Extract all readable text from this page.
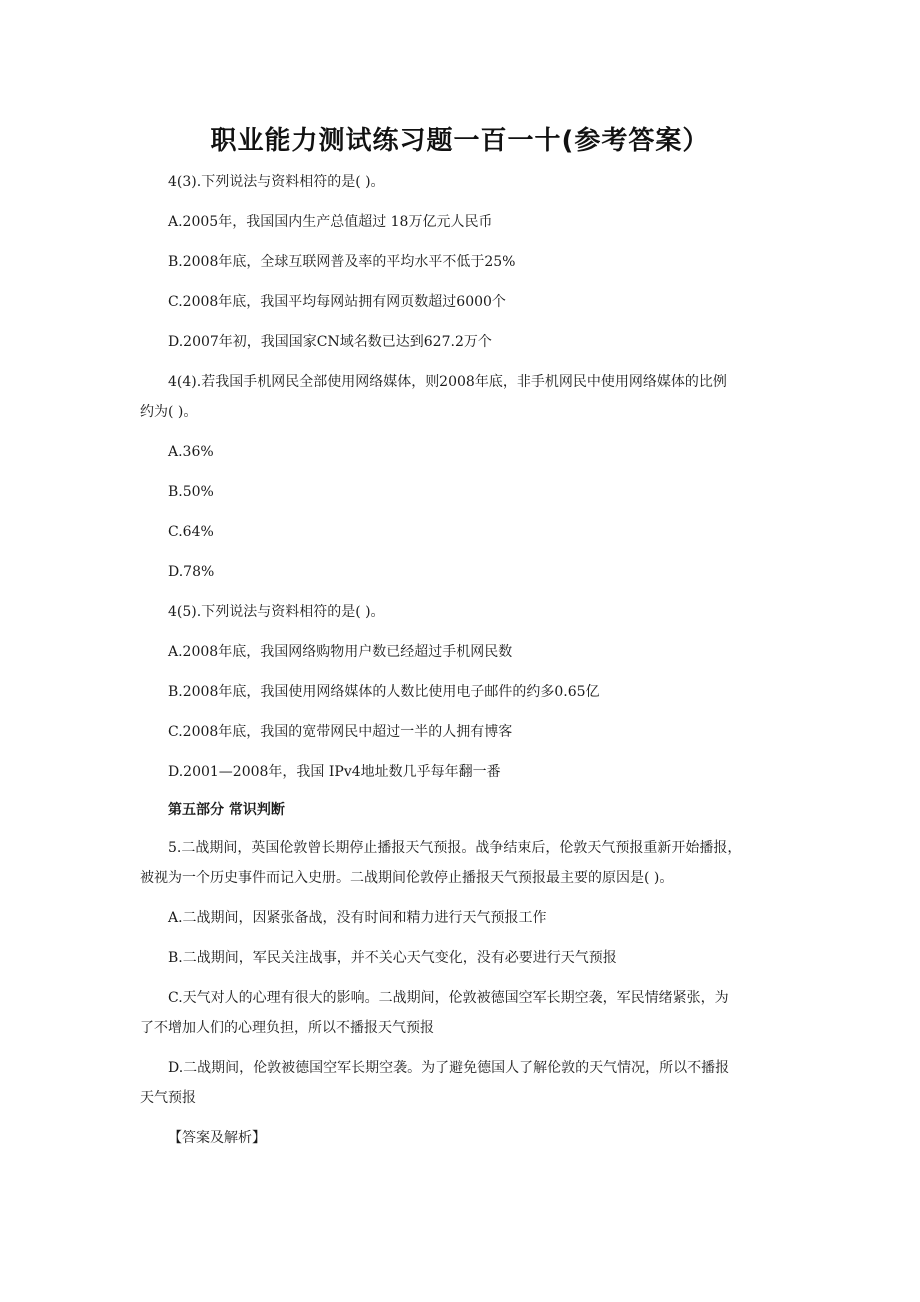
职业能力测试练习题一百一十(参考答案）

4(3).下列说法与资料相符的是( )。

A.2005年，我国国内生产总值超过 18万亿元人民币

B.2008年底，全球互联网普及率的平均水平不低于25%

C.2008年底，我国平均每网站拥有网页数超过6000个

D.2007年初，我国国家CN域名数已达到627.2万个

4(4).若我国手机网民全部使用网络媒体，则2008年底，非手机网民中使用网络媒体的比例

约为( )。

A.36%

B.50%

C.64%

D.78%

4(5).下列说法与资料相符的是( )。

A.2008年底，我国网络购物用户数已经超过手机网民数

B.2008年底，我国使用网络媒体的人数比使用电子邮件的约多0.65亿

C.2008年底，我国的宽带网民中超过一半的人拥有博客

D.2001—2008年，我国 IPv4地址数几乎每年翻一番

第五部分 常识判断

5.二战期间，英国伦敦曾长期停止播报天气预报。战争结束后，伦敦天气预报重新开始播报，

被视为一个历史事件而记入史册。二战期间伦敦停止播报天气预报最主要的原因是( )。

A.二战期间，因紧张备战，没有时间和精力进行天气预报工作

B.二战期间，军民关注战事，并不关心天气变化，没有必要进行天气预报

C.天气对人的心理有很大的影响。二战期间，伦敦被德国空军长期空袭，军民情绪紧张，为

了不增加人们的心理负担，所以不播报天气预报

D.二战期间，伦敦被德国空军长期空袭。为了避免德国人了解伦敦的天气情况，所以不播报

天气预报

【答案及解析】
